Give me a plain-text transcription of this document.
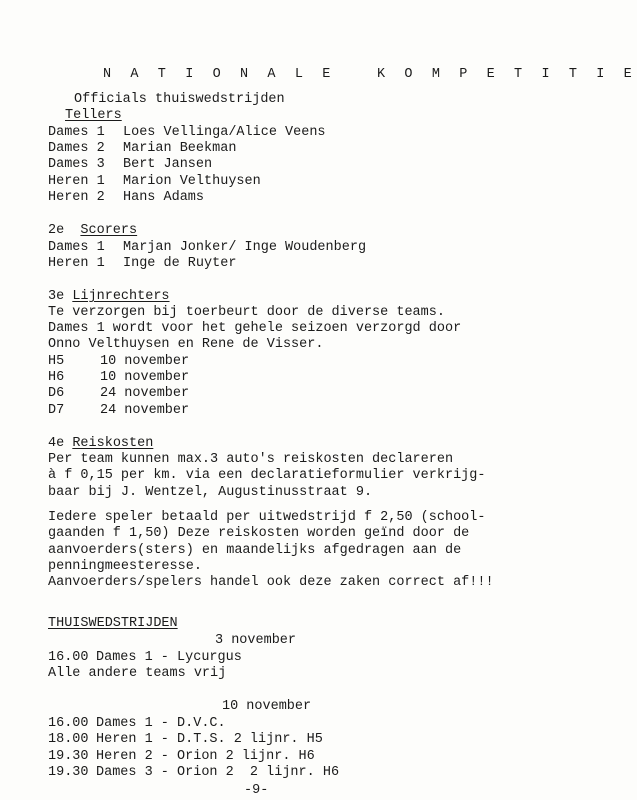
N A T I O N A L E   K O M P E T I T I E
Officials thuiswedstrijden
Tellers
Dames 1 Loes Vellinga/Alice Veens
Dames 2 Marian Beekman
Dames 3 Bert Jansen
Heren 1 Marion Velthuysen
Heren 2 Hans Adams
2e Scorers
Dames 1 Marjan Jonker/ Inge Woudenberg
Heren 1 Inge de Ruyter
3e Lijnrechters
Te verzorgen bij toerbeurt door de diverse teams.
Dames 1 wordt voor het gehele seizoen verzorgd door
Onno Velthuysen en Rene de Visser.
H5	10 november
H6	10 november
D6	24 november
D7	24 november
4e Reiskosten
Per team kunnen max.3 auto's reiskosten declareren
à f 0,15 per km. via een declaratieformulier verkrijg-
baar bij J. Wentzel, Augustinusstraat 9.
Iedere speler betaald per uitwedstrijd f 2,50 (school-
gaanden f 1,50) Deze reiskosten worden geïnd door de
aanvoerders(sters) en maandelijks afgedragen aan de
penningmeesteresse.
Aanvoerders/spelers handel ook deze zaken correct af!!!
THUISWEDSTRIJDEN
3 november
16.00 Dames 1 - Lycurgus
Alle andere teams vrij
10 november
16.00 Dames 1 - D.V.C.
18.00 Heren 1 - D.T.S. 2 lijnr. H5
19.30 Heren 2 - Orion 2 lijnr. H6
19.30 Dames 3 - Orion 2  2 lijnr. H6
-9-
